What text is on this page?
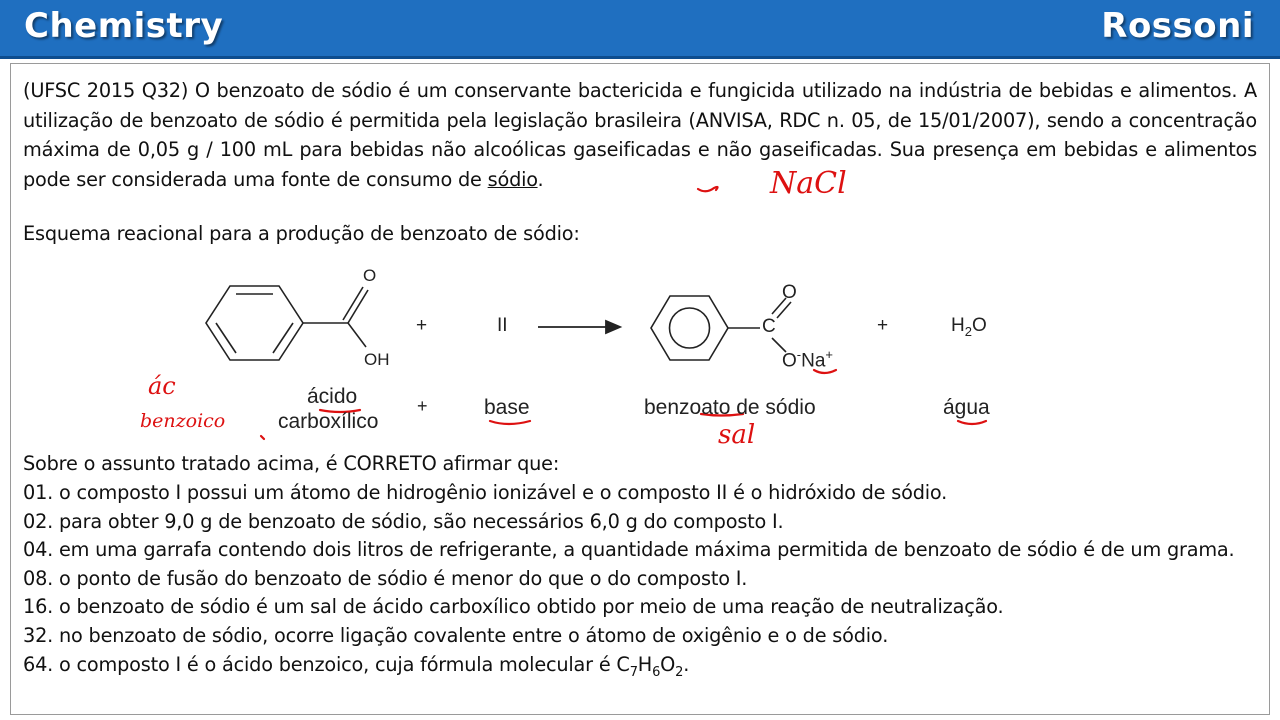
Chemistry	Rossoni
(UFSC 2015 Q32) O benzoato de sódio é um conservante bactericida e fungicida utilizado na indústria de bebidas e alimentos. A utilização de benzoato de sódio é permitida pela legislação brasileira (ANVISA, RDC n. 05, de 15/01/2007), sendo a concentração máxima de 0,05 g / 100 mL para bebidas não alcoólicas gaseificadas e não gaseificadas. Sua presença em bebidas e alimentos pode ser considerada uma fonte de consumo de sódio.	NaCl
Esquema reacional para a produção de benzoato de sódio:
O
OH
+	II	C
O
O-Na+
+	$H_2O$
ácido
carboxílico
+	base	benzoato de sódio	água
ác
benzoico	sal
Sobre o assunto tratado acima, é CORRETO afirmar que:
01. o composto I possui um átomo de hidrogênio ionizável e o composto II é o hidróxido de sódio.
02. para obter 9,0 g de benzoato de sódio, são necessários 6,0 g do composto I.
04. em uma garrafa contendo dois litros de refrigerante, a quantidade máxima permitida de benzoato de sódio é de um grama.
08. o ponto de fusão do benzoato de sódio é menor do que o do composto I.
16. o benzoato de sódio é um sal de ácido carboxílico obtido por meio de uma reação de neutralização.
32. no benzoato de sódio, ocorre ligação covalente entre o átomo de oxigênio e o de sódio.
64. o composto I é o ácido benzoico, cuja fórmula molecular é $C_7H_6O_2$.
